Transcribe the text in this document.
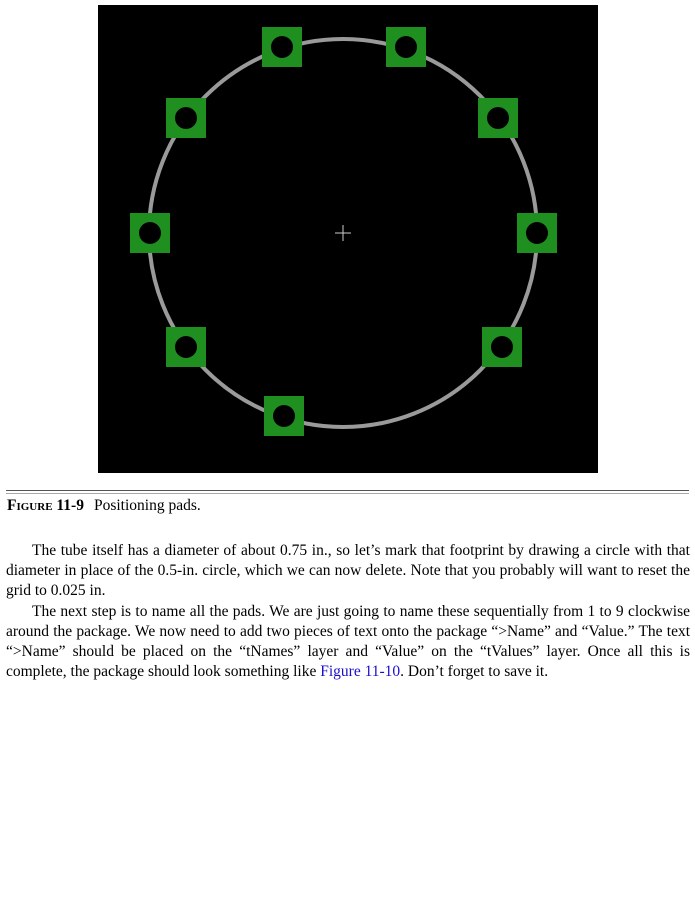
Figure 11-9 Positioning pads.

The tube itself has a diameter of about 0.75 in., so let’s mark that footprint by drawing a circle with that diameter in place of the 0.5-in. circle, which we can now delete. Note that you probably will want to reset the grid to 0.025 in.

The next step is to name all the pads. We are just going to name these sequentially from 1 to 9 clockwise around the package. We now need to add two pieces of text onto the package “>Name” and “Value.” The text “>Name” should be placed on the “tNames” layer and “Value” on the “tValues” layer. Once all this is complete, the package should look something like Figure 11-10. Don’t forget to save it.
